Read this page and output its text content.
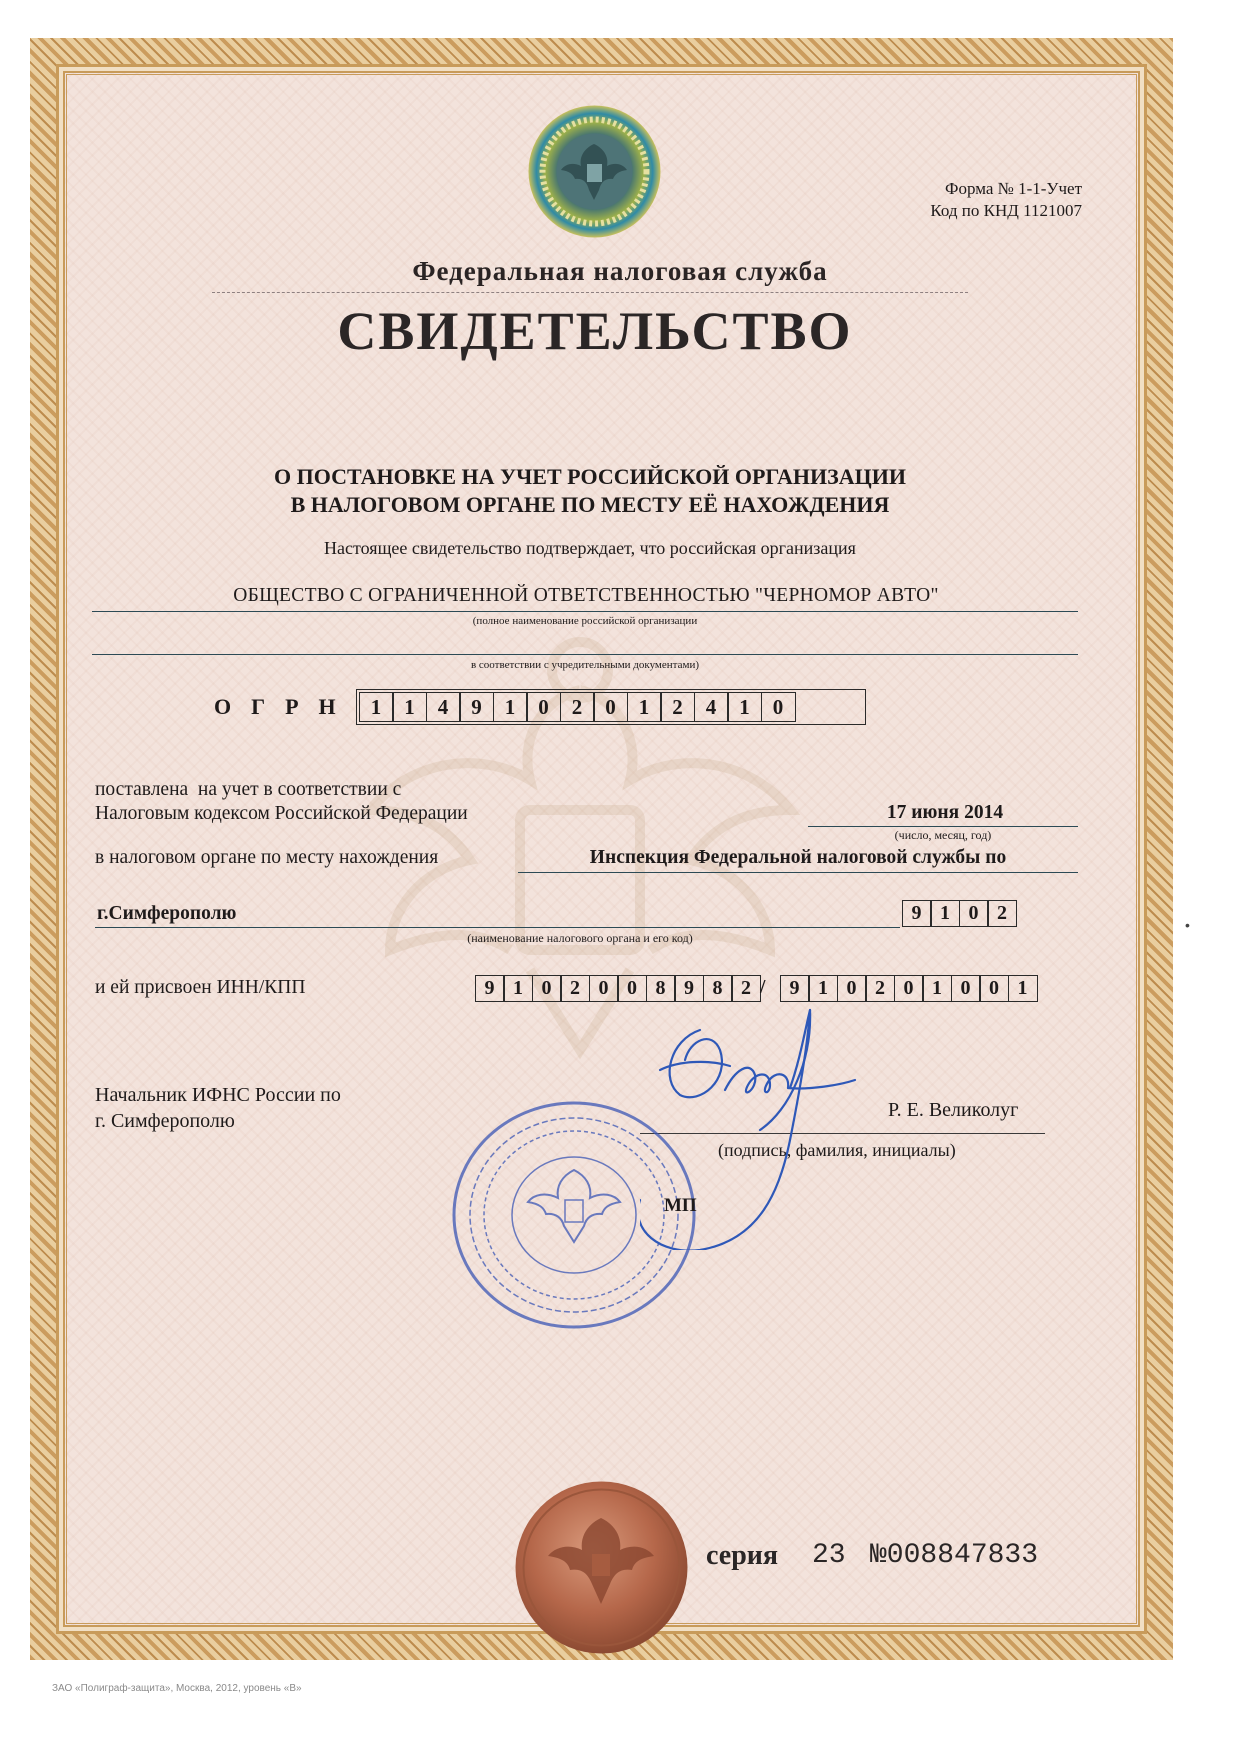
Форма № 1-1-Учет
Код по КНД 1121007
Федеральная налоговая служба
СВИДЕТЕЛЬСТВО
О ПОСТАНОВКЕ НА УЧЕТ РОССИЙСКОЙ ОРГАНИЗАЦИИ
В НАЛОГОВОМ ОРГАНЕ ПО МЕСТУ ЕЁ НАХОЖДЕНИЯ
Настоящее свидетельство подтверждает, что российская организация
ОБЩЕСТВО С ОГРАНИЧЕННОЙ ОТВЕТСТВЕННОСТЬЮ "ЧЕРНОМОР АВТО"
(полное наименование российской организации
в соответствии с учредительными документами)
ОГРН 1	1	4	9	1	0	2	0	1	2	4	1	0
поставлена  на учет в соответствии с
Налоговым кодексом Российской Федерации	17 июня 2014
(число, месяц, год)
в налоговом органе по месту нахождения	Инспекция Федеральной налоговой службы по
г.Симферополю	9 1 0 2
(наименование налогового органа и его код)
и ей присвоен ИНН/КПП	9 1 0 2 0 0 8 9 8 2 /	9 1 0 2 0 1 0 0 1
Начальник ИФНС России по
г. Симферополю	Р. Е. Великолуг
(подпись, фамилия, инициалы)
МП
серия 23 №008847833
ЗАО «Полиграф-защита», Москва, 2012, уровень «В»
•
